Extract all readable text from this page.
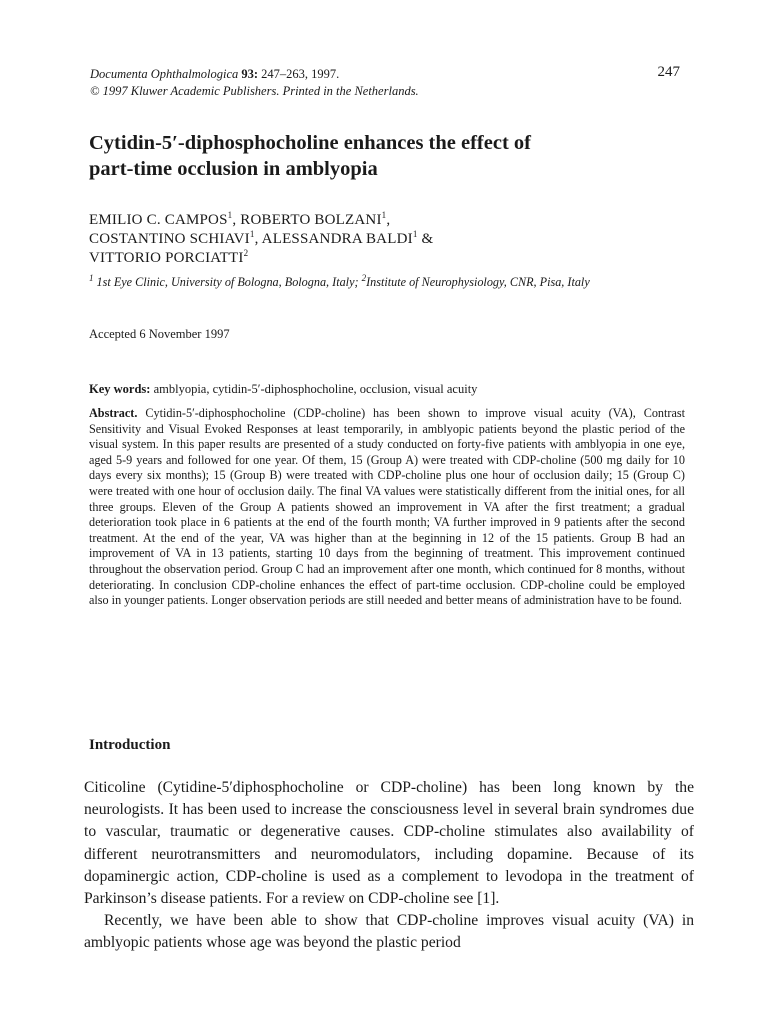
Documenta Ophthalmologica 93: 247–263, 1997.
© 1997 Kluwer Academic Publishers. Printed in the Netherlands.
247
Cytidin-5′-diphosphocholine enhances the effect of
part-time occlusion in amblyopia
EMILIO C. CAMPOS$^1$, ROBERTO BOLZANI$^1$,
COSTANTINO SCHIAVI$^1$, ALESSANDRA BALDI$^1$ &
VITTORIO PORCIATTI$^2$
$^1$ 1st Eye Clinic, University of Bologna, Bologna, Italy; $^2$Institute of Neurophysiology, CNR, Pisa, Italy
Accepted 6 November 1997
Key words: amblyopia, cytidin-5′-diphosphocholine, occlusion, visual acuity
Abstract. Cytidin-5′-diphosphocholine (CDP-choline) has been shown to improve visual acuity (VA), Contrast Sensitivity and Visual Evoked Responses at least temporarily, in amblyopic patients beyond the plastic period of the visual system. In this paper results are presented of a study conducted on forty-five patients with amblyopia in one eye, aged 5-9 years and followed for one year. Of them, 15 (Group A) were treated with CDP-choline (500 mg daily for 10 days every six months); 15 (Group B) were treated with CDP-choline plus one hour of occlusion daily; 15 (Group C) were treated with one hour of occlusion daily. The final VA values were statistically different from the initial ones, for all three groups. Eleven of the Group A patients showed an improvement in VA after the first treatment; a gradual deterioration took place in 6 patients at the end of the fourth month; VA further improved in 9 patients after the second treatment. At the end of the year, VA was higher than at the beginning in 12 of the 15 patients. Group B had an improvement of VA in 13 patients, starting 10 days from the beginning of treatment. This improvement continued throughout the observation period. Group C had an improvement after one month, which continued for 8 months, without deteriorating. In conclusion CDP-choline enhances the effect of part-time occlusion. CDP-choline could be employed also in younger patients. Longer observation periods are still needed and better means of administration have to be found.
Introduction

Citicoline (Cytidine-5′diphosphocholine or CDP-choline) has been long known by the neurologists. It has been used to increase the consciousness level in several brain syndromes due to vascular, traumatic or degenerative causes. CDP-choline stimulates also availability of different neurotransmitters and neuromodulators, including dopamine. Because of its dopaminergic action, CDP-choline is used as a complement to levodopa in the treatment of Parkinson’s disease patients. For a review on CDP-choline see [1].

Recently, we have been able to show that CDP-choline improves visual acuity (VA) in amblyopic patients whose age was beyond the plastic period
